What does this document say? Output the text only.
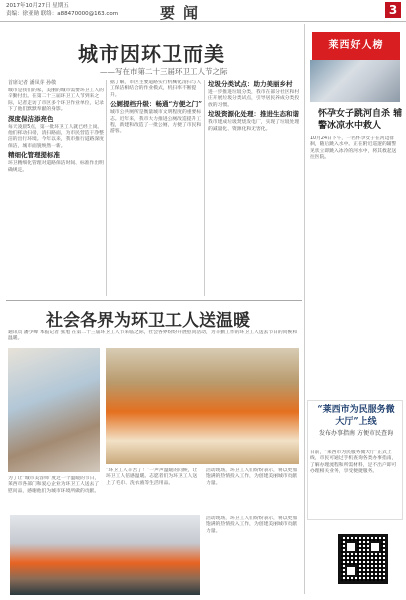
2017年10月27日 星期五
责编：徐亚勋 联络：a88470000@163.com	要闻	3
城市因环卫而美
——写在市第二十三届环卫工人节之际
首席记者 潘凤芽 孙敬

城市是我们的家，美丽的城市需要环卫工人的辛勤付出。在第二十三届环卫工人节到来之际，记者走访了市区多个环卫作业单位，记录下了他们默默奉献的身影。

深度保洁添亮色

每天凌晨5点，第一批环卫工人就已经上岗。他们挥动扫帚，清扫路面，为市民营造干净整洁的出行环境。今年以来，我市推行道路深度保洁，城市面貌焕然一新。

精细化管理提标准

环卫精细化管理对道路保洁时间、标准作出明确规定。

据了解，市区主要道路实行机械化清扫与人工保洁相结合的作业模式，机扫率不断提升。

公厕提档升级：畅通“方便之门”

城市公共厕所是衡量城市文明程度的重要标志。近年来，我市大力推进公厕改造提升工程，新建和改造了一批公厕，方便了市民和游客。

垃圾分类试点：助力美丽乡村

进一步推进垃圾分类，我市在部分社区和村庄开展垃圾分类试点，引导居民养成分类投放的习惯。

垃圾资源化处理：推进生态和谐

我市建成垃圾焚烧发电厂，实现了垃圾处理的减量化、资源化和无害化。

莱西好人榜
怀孕女子跳河自杀 辅警冰凉水中救人
10月24日下午，一名怀孕女子在河边徘徊，随后跳入水中。正在附近巡逻的辅警见状立即跳入冰冷的河水中，将其救起送往医院。
“莱西市为民服务微大厅”上线
发布办事指南 方便市民查询
日前，“莱西市为民服务微大厅”正式上线，市民可通过手机查询各类办事指南，了解办理流程和所需材料，足不出户即可办理相关业务，享受便捷服务。
社会各界为环卫工人送温暖
通讯员 潘少峰 本报记者 张旭 在第二十三届环卫工人节来临之际，社会各界纷纷开展慰问活动，为辛勤工作的环卫工人送去节日的问候和温暖。
为了让“城市美容师”度过一个温暖的节日，莱西市各部门和爱心企业为环卫工人送去了慰问品，感谢他们为城市环境所做的贡献。
“环卫工人辛苦了！”一声声温暖的问候，让环卫工人倍感温暖。志愿者们为环卫工人送上了毛巾、洗衣液等生活用品。
活动现场，环卫工人们纷纷表示，将以更加饱满的热情投入工作，为创建美丽城市贡献力量。
活动现场，环卫工人们纷纷表示，将以更加饱满的热情投入工作，为创建美丽城市贡献力量。
